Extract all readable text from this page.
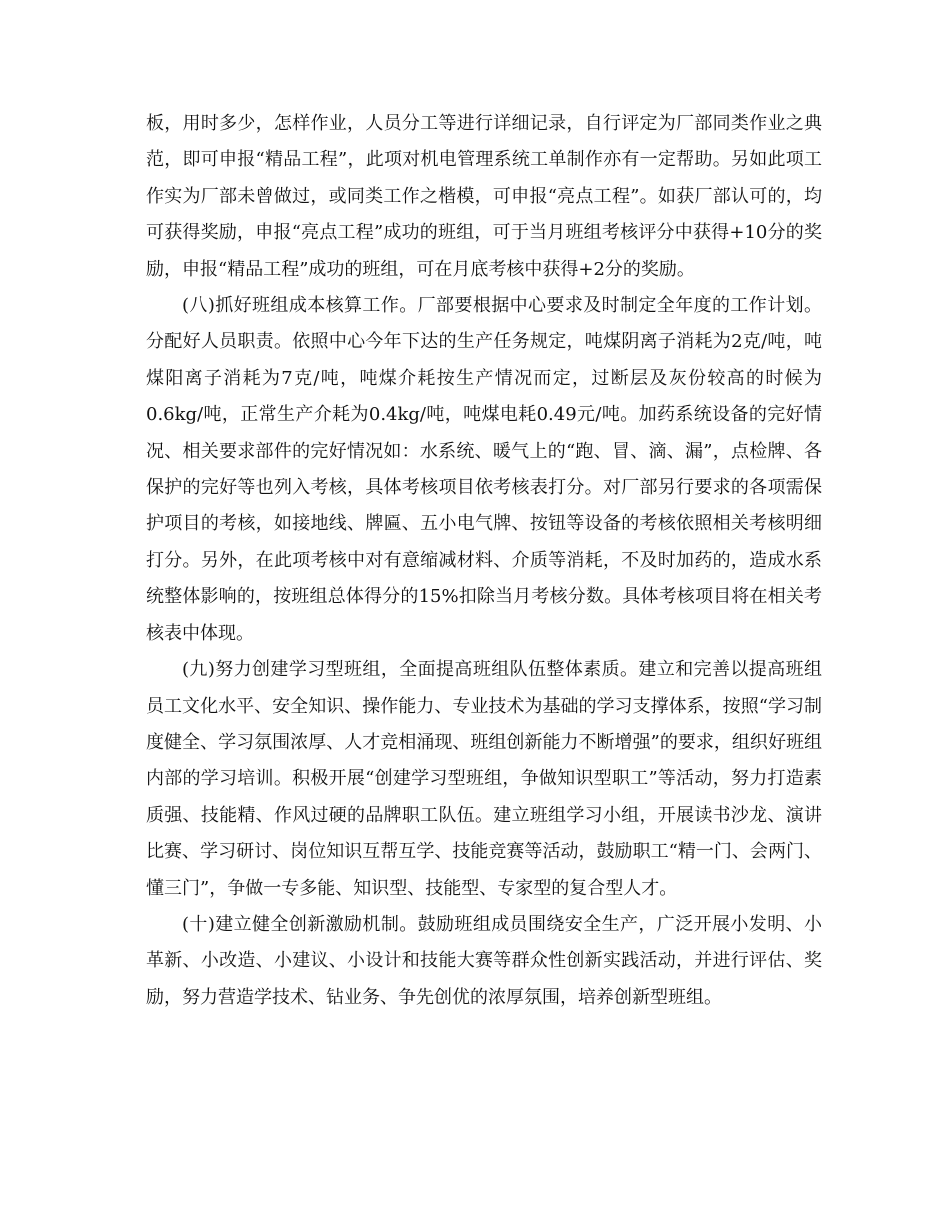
板，用时多少，怎样作业，人员分工等进行详细记录，自行评定为厂部同类作业之典范，即可申报“精品工程”，此项对机电管理系统工单制作亦有一定帮助。另如此项工作实为厂部未曾做过，或同类工作之楷模，可申报“亮点工程”。如获厂部认可的，均可获得奖励，申报“亮点工程”成功的班组，可于当月班组考核评分中获得+10分的奖励，申报“精品工程”成功的班组，可在月底考核中获得+2分的奖励。

(八)抓好班组成本核算工作。厂部要根据中心要求及时制定全年度的工作计划。分配好人员职责。依照中心今年下达的生产任务规定，吨煤阴离子消耗为2克/吨，吨煤阳离子消耗为7克/吨，吨煤介耗按生产情况而定，过断层及灰份较高的时候为0.6kg/吨，正常生产介耗为0.4kg/吨，吨煤电耗0.49元/吨。加药系统设备的完好情况、相关要求部件的完好情况如：水系统、暖气上的“跑、冒、滴、漏”，点检牌、各保护的完好等也列入考核，具体考核项目依考核表打分。对厂部另行要求的各项需保护项目的考核，如接地线、牌匾、五小电气牌、按钮等设备的考核依照相关考核明细打分。另外，在此项考核中对有意缩减材料、介质等消耗，不及时加药的，造成水系统整体影响的，按班组总体得分的15%扣除当月考核分数。具体考核项目将在相关考核表中体现。

(九)努力创建学习型班组，全面提高班组队伍整体素质。建立和完善以提高班组员工文化水平、安全知识、操作能力、专业技术为基础的学习支撑体系，按照“学习制度健全、学习氛围浓厚、人才竞相涌现、班组创新能力不断增强”的要求，组织好班组内部的学习培训。积极开展“创建学习型班组，争做知识型职工”等活动，努力打造素质强、技能精、作风过硬的品牌职工队伍。建立班组学习小组，开展读书沙龙、演讲比赛、学习研讨、岗位知识互帮互学、技能竞赛等活动，鼓励职工“精一门、会两门、懂三门”，争做一专多能、知识型、技能型、专家型的复合型人才。

(十)建立健全创新激励机制。鼓励班组成员围绕安全生产，广泛开展小发明、小革新、小改造、小建议、小设计和技能大赛等群众性创新实践活动，并进行评估、奖励，努力营造学技术、钻业务、争先创优的浓厚氛围，培养创新型班组。
